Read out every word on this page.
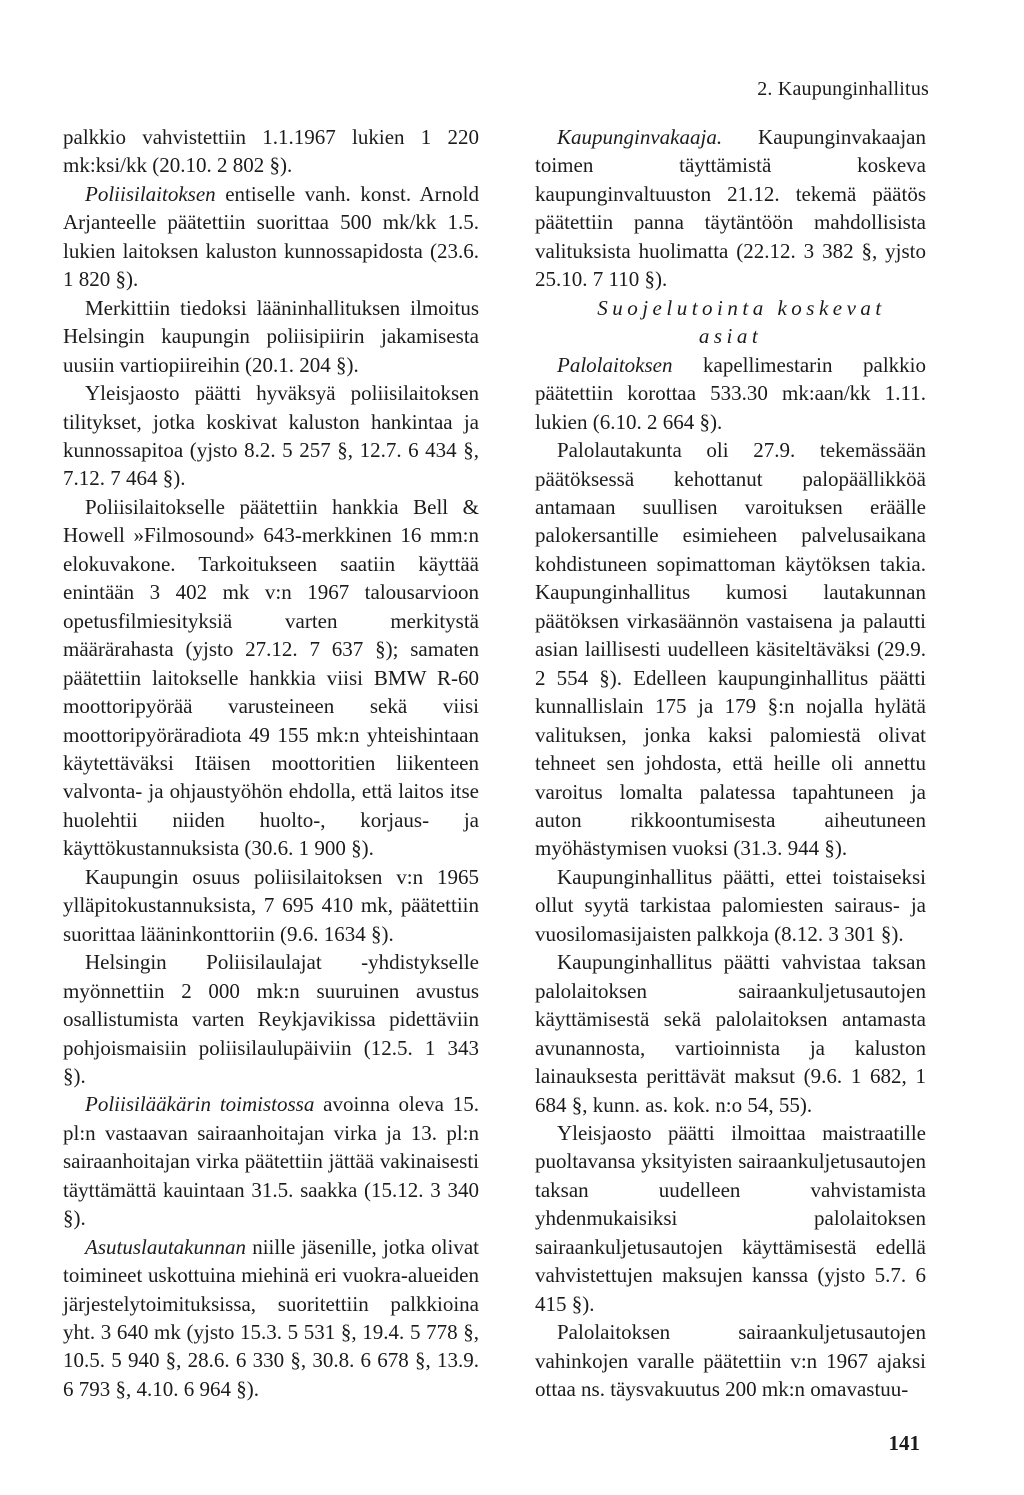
2. Kaupunginhallitus

palkkio vahvistettiin 1.1.1967 lukien 1 220 mk:ksi/kk (20.10. 2 802 §).

Poliisilaitoksen entiselle vanh. konst. Arnold Arjanteelle päätettiin suorittaa 500 mk/kk 1.5. lukien laitoksen kaluston kunnossapidosta (23.6. 1 820 §).

Merkittiin tiedoksi lääninhallituksen ilmoitus Helsingin kaupungin poliisipiirin jakamisesta uusiin vartiopiireihin (20.1. 204 §).

Yleisjaosto päätti hyväksyä poliisilaitoksen tilitykset, jotka koskivat kaluston hankintaa ja kunnossapitoa (yjsto 8.2. 5 257 §, 12.7. 6 434 §, 7.12. 7 464 §).

Poliisilaitokselle päätettiin hankkia Bell & Howell »Filmosound» 643-merkkinen 16 mm:n elokuvakone. Tarkoitukseen saatiin käyttää enintään 3 402 mk v:n 1967 talousarvioon opetusfilmiesityksiä varten merkitystä määrärahasta (yjsto 27.12. 7 637 §); samaten päätettiin laitokselle hankkia viisi BMW R-60 moottoripyörää varusteineen sekä viisi moottoripyöräradiota 49 155 mk:n yhteishintaan käytettäväksi Itäisen moottoritien liikenteen valvonta- ja ohjaustyöhön ehdolla, että laitos itse huolehtii niiden huolto-, korjaus- ja käyttökustannuksista (30.6. 1 900 §).

Kaupungin osuus poliisilaitoksen v:n 1965 ylläpitokustannuksista, 7 695 410 mk, päätettiin suorittaa lääninkonttoriin (9.6. 1634 §).

Helsingin Poliisilaulajat -yhdistykselle myönnettiin 2 000 mk:n suuruinen avustus osallistumista varten Reykjavikissa pidettäviin pohjoismaisiin poliisilaulupäiviin (12.5. 1 343 §).

Poliisilääkärin toimistossa avoinna oleva 15. pl:n vastaavan sairaanhoitajan virka ja 13. pl:n sairaanhoitajan virka päätettiin jättää vakinaisesti täyttämättä kauintaan 31.5. saakka (15.12. 3 340 §).

Asutuslautakunnan niille jäsenille, jotka olivat toimineet uskottuina miehinä eri vuokra-alueiden järjestelytoimituksissa, suoritettiin palkkioina yht. 3 640 mk (yjsto 15.3. 5 531 §, 19.4. 5 778 §, 10.5. 5 940 §, 28.6. 6 330 §, 30.8. 6 678 §, 13.9. 6 793 §, 4.10. 6 964 §).

Kaupunginvakaaja. Kaupunginvakaajan toimen täyttämistä koskeva kaupunginvaltuuston 21.12. tekemä päätös päätettiin panna täytäntöön mahdollisista valituksista huolimatta (22.12. 3 382 §, yjsto 25.10. 7 110 §).

Suojelutointa koskevat asiat

Palolaitoksen kapellimestarin palkkio päätettiin korottaa 533.30 mk:aan/kk 1.11. lukien (6.10. 2 664 §).

Palolautakunta oli 27.9. tekemässään päätöksessä kehottanut palopäällikköä antamaan suullisen varoituksen eräälle palokersantille esimieheen palvelusaikana kohdistuneen sopimattoman käytöksen takia. Kaupunginhallitus kumosi lautakunnan päätöksen virkasäännön vastaisena ja palautti asian laillisesti uudelleen käsiteltäväksi (29.9. 2 554 §). Edelleen kaupunginhallitus päätti kunnallislain 175 ja 179 §:n nojalla hylätä valituksen, jonka kaksi palomiestä olivat tehneet sen johdosta, että heille oli annettu varoitus lomalta palatessa tapahtuneen ja auton rikkoontumisesta aiheutuneen myöhästymisen vuoksi (31.3. 944 §).

Kaupunginhallitus päätti, ettei toistaiseksi ollut syytä tarkistaa palomiesten sairaus- ja vuosilomasijaisten palkkoja (8.12. 3 301 §).

Kaupunginhallitus päätti vahvistaa taksan palolaitoksen sairaankuljetusautojen käyttämisestä sekä palolaitoksen antamasta avunannosta, vartioinnista ja kaluston lainauksesta perittävät maksut (9.6. 1 682, 1 684 §, kunn. as. kok. n:o 54, 55).

Yleisjaosto päätti ilmoittaa maistraatille puoltavansa yksityisten sairaankuljetusautojen taksan uudelleen vahvistamista yhdenmukaisiksi palolaitoksen sairaankuljetusautojen käyttämisestä edellä vahvistettujen maksujen kanssa (yjsto 5.7. 6 415 §).

Palolaitoksen sairaankuljetusautojen vahinkojen varalle päätettiin v:n 1967 ajaksi ottaa ns. täysvakuutus 200 mk:n omavastuu-

141
